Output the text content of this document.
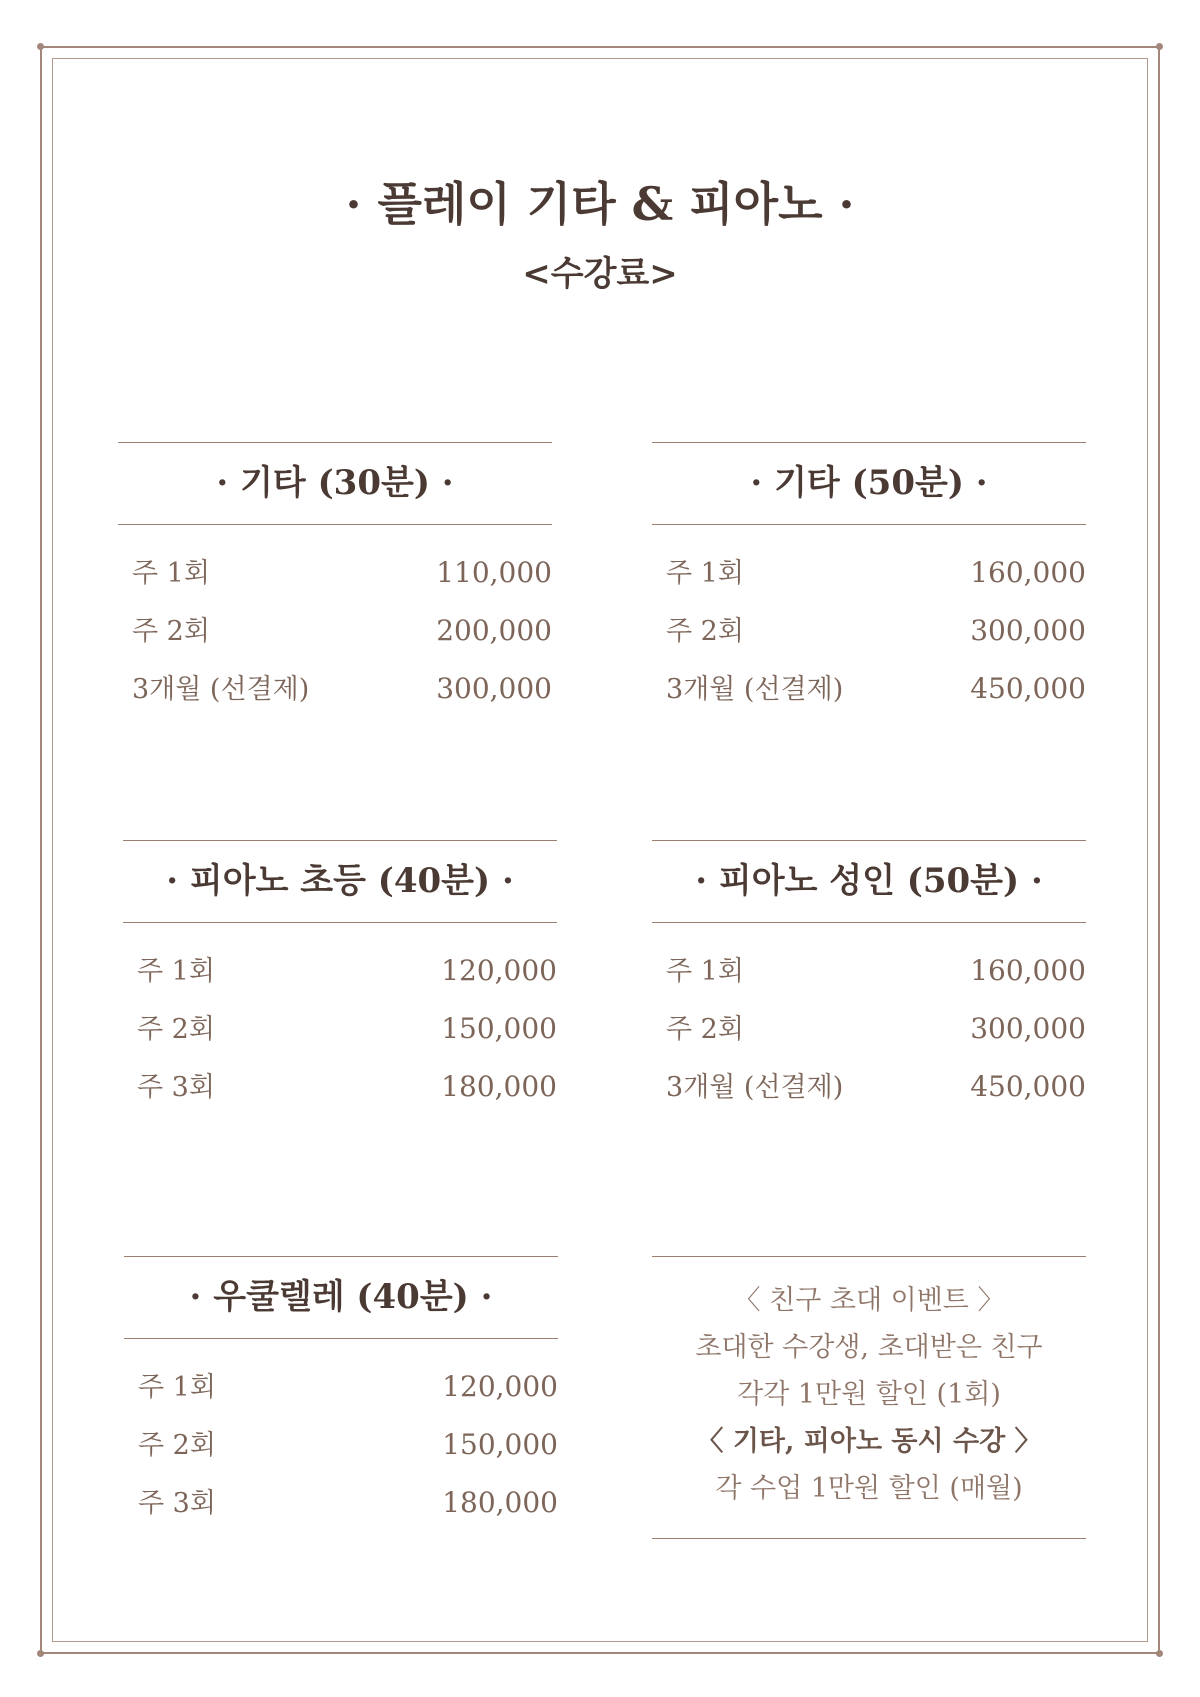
· 플레이 기타 & 피아노 ·
<수강료>
· 기타 (30분) ·
주 1회	110,000
주 2회	200,000
3개월 (선결제)	300,000
· 기타 (50분) ·
주 1회	160,000
주 2회	300,000
3개월 (선결제)	450,000
· 피아노 초등 (40분) ·
주 1회	120,000
주 2회	150,000
주 3회	180,000
· 피아노 성인 (50분) ·
주 1회	160,000
주 2회	300,000
3개월 (선결제)	450,000
· 우쿨렐레 (40분) ·
주 1회	120,000
주 2회	150,000
주 3회	180,000
〈 친구 초대 이벤트 〉
초대한 수강생, 초대받은 친구
각각 1만원 할인 (1회)
〈 기타, 피아노 동시 수강 〉
각 수업 1만원 할인 (매월)
